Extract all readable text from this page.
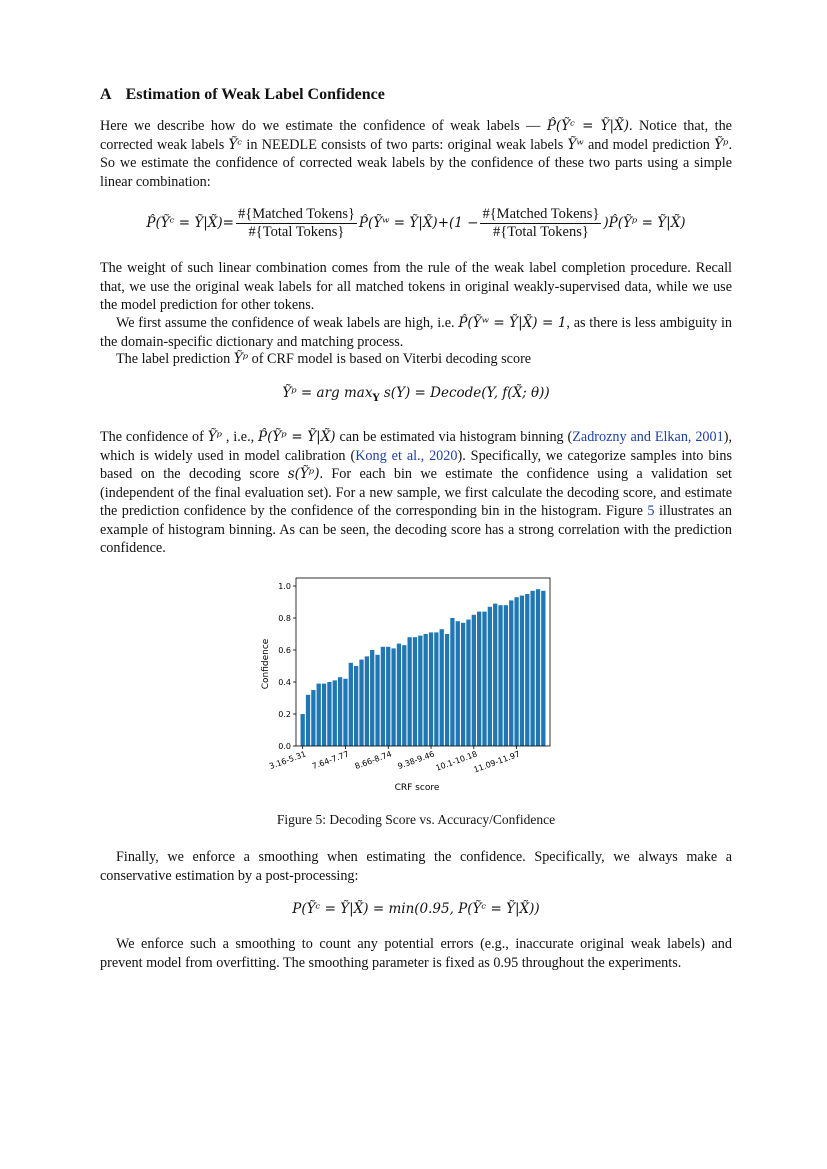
A Estimation of Weak Label Confidence

Here we describe how do we estimate the confidence of weak labels — P̂(Ỹᶜ = Ỹ|X̃). Notice that, the corrected weak labels Ỹᶜ in NEEDLE consists of two parts: original weak labels Ỹʷ and model prediction Ỹᵖ. So we estimate the confidence of corrected weak labels by the confidence of these two parts using a simple linear combination:

P̂(Ỹᶜ = Ỹ|X̃)= $\frac{\text{\#\{Matched Tokens\}}}{\text{\#\{Total Tokens\}}}$ P̂(Ỹʷ = Ỹ|X̃)+(1 − $\frac{\text{\#\{Matched Tokens\}}}{\text{\#\{Total Tokens\}}}$ )P̂(Ỹᵖ = Ỹ|X̃)

The weight of such linear combination comes from the rule of the weak label completion procedure. Recall that, we use the original weak labels for all matched tokens in original weakly-supervised data, while we use the model prediction for other tokens.

We first assume the confidence of weak labels are high, i.e. P̂(Ỹʷ = Ỹ|X̃) = 1, as there is less ambiguity in the domain-specific dictionary and matching process.

The label prediction Ỹᵖ of CRF model is based on Viterbi decoding score

Ỹᵖ = arg $\max_Y s(Y)$ = Decode(Y, f(X̃; θ))

The confidence of Ỹᵖ , i.e., P̂(Ỹᵖ = Ỹ|X̃) can be estimated via histogram binning (Zadrozny and Elkan, 2001), which is widely used in model calibration (Kong et al., 2020). Specifically, we categorize samples into bins based on the decoding score s(Ỹᵖ). For each bin we estimate the confidence using a validation set (independent of the final evaluation set). For a new sample, we first calculate the decoding score, and estimate the prediction confidence by the confidence of the corresponding bin in the histogram. Figure 5 illustrates an example of histogram binning. As can be seen, the decoding score has a strong correlation with the prediction confidence.

Confidence
0.0
0.2
0.4
0.6
0.8
1.0
3.16-5.31 7.64-7.77 8.66-8.74 9.38-9.46
10.1-10.18
11.09-11.97
CRF score
Figure 5: Decoding Score vs. Accuracy/Confidence

Finally, we enforce a smoothing when estimating the confidence. Specifically, we always make a conservative estimation by a post-processing:

P(Ỹᶜ = Ỹ|X̃) = min(0.95, P(Ỹᶜ = Ỹ|X̃))

We enforce such a smoothing to count any potential errors (e.g., inaccurate original weak labels) and prevent model from overfitting. The smoothing parameter is fixed as 0.95 throughout the experiments.
